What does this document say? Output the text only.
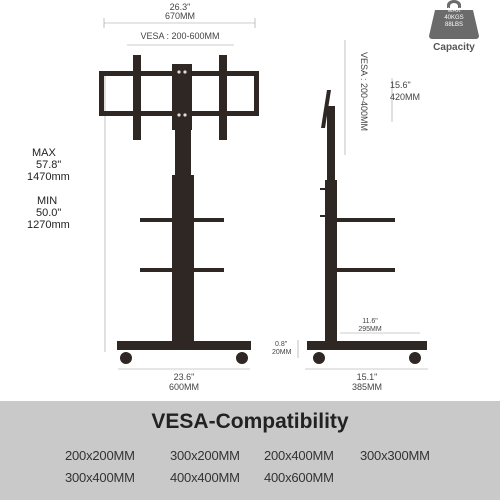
26.3"
670MM
VESA : 200-600MM
MAX
57.8"
1470mm
MIN
50.0"
1270mm
23.6"
600MM
VESA : 200-400MM 15.6"
420MM
11.6"
295MM
0.8"
20MM
15.1"
385MM
MAX
40KGS
88LBS
Capacity
VESA-Compatibility
200x200MM	300x200MM 200x400MM 300x300MM
300x400MM	400x400MM 400x600MM
